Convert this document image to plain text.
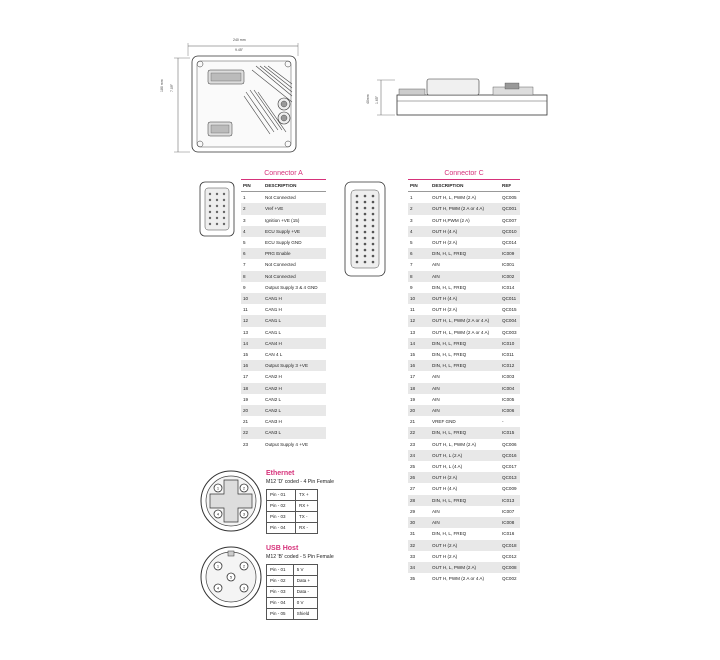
240 mm
9.45"
180 mm 7.09"
40mm 1.65"
Connector A
PIN	DESCRIPTION
1	Not Connected
2	Vref +VE
3	Ignition +VE (15)
4	ECU Supply +VE
5	ECU Supply GND
6	PRG Enable
7	Not Connected
8	Not Connected
9	Output Supply 3 & 4 GND
10	CAN1 H
11	CAN1 H
12	CAN1 L
13	CAN1 L
14	CAN4 H
15	CAN 4 L
16	Output Supply 3 +VE
17	CAN2 H
18	CAN2 H
19	CAN2 L
20	CAN2 L
21	CAN3 H
22	CAN3 L
23	Output Supply 4 +VE
Connector C
PIN	DESCRIPTION	REF
1	OUT H, L, PWM (2 A)	QC005
2	OUT H, PWM (2 A or 4 A)	QC001
3	OUT H,PWM (2 A)	QC007
4	OUT H (4 A)	QC010
5	OUT H (2 A)	QC014
6	DIN, H, L, FREQ	IC009
7	AIN	IC001
8	AIN	IC002
9	DIN, H, L, FREQ	IC014
10	OUT H (4 A)	QC011
11	OUT H (2 A)	QC015
12	OUT H, L, PWM (2 A or 4 A)	QC004
13	OUT H, L, PWM (2 A or 4 A)	QC003
14	DIN, H, L, FREQ	IC010
15	DIN, H, L, FREQ	IC011
16	DIN, H, L, FREQ	IC012
17	AIN	IC003
18	AIN	IC004
19	AIN	IC005
20	AIN	IC006
21	VREF GND	-
22	DIN, H, L, FREQ	IC015
23	OUT H, L, PWM (2 A)	QC006
24	OUT H, L (2 A)	QC016
25	OUT H, L (4 A)	QC017
26	OUT H (2 A)	QC013
27	OUT H (4 A)	QC009
28	DIN, H, L, FREQ	IC013
29	AIN	IC007
30	AIN	IC008
31	DIN, H, L, FREQ	IC016
32	OUT H (2 A)	QC018
33	OUT H (2 A)	QC012
34	OUT H, L, PWM (2 A)	QC008
35	OUT H, PWM (2 A or 4 A)	QC002
1	2
3
4
Ethernet
M12 'D' coded - 4 Pin Female
Pin - 01	TX +
Pin - 02	RX +
Pin - 03	TX -
Pin - 04	RX -
1	2
3
4
5
USB Host
M12 'B' coded - 5 Pin Female
Pin - 01	5 V
Pin - 02	Data +
Pin - 03	Data -
Pin - 04	0 V
Pin - 05	Shield
